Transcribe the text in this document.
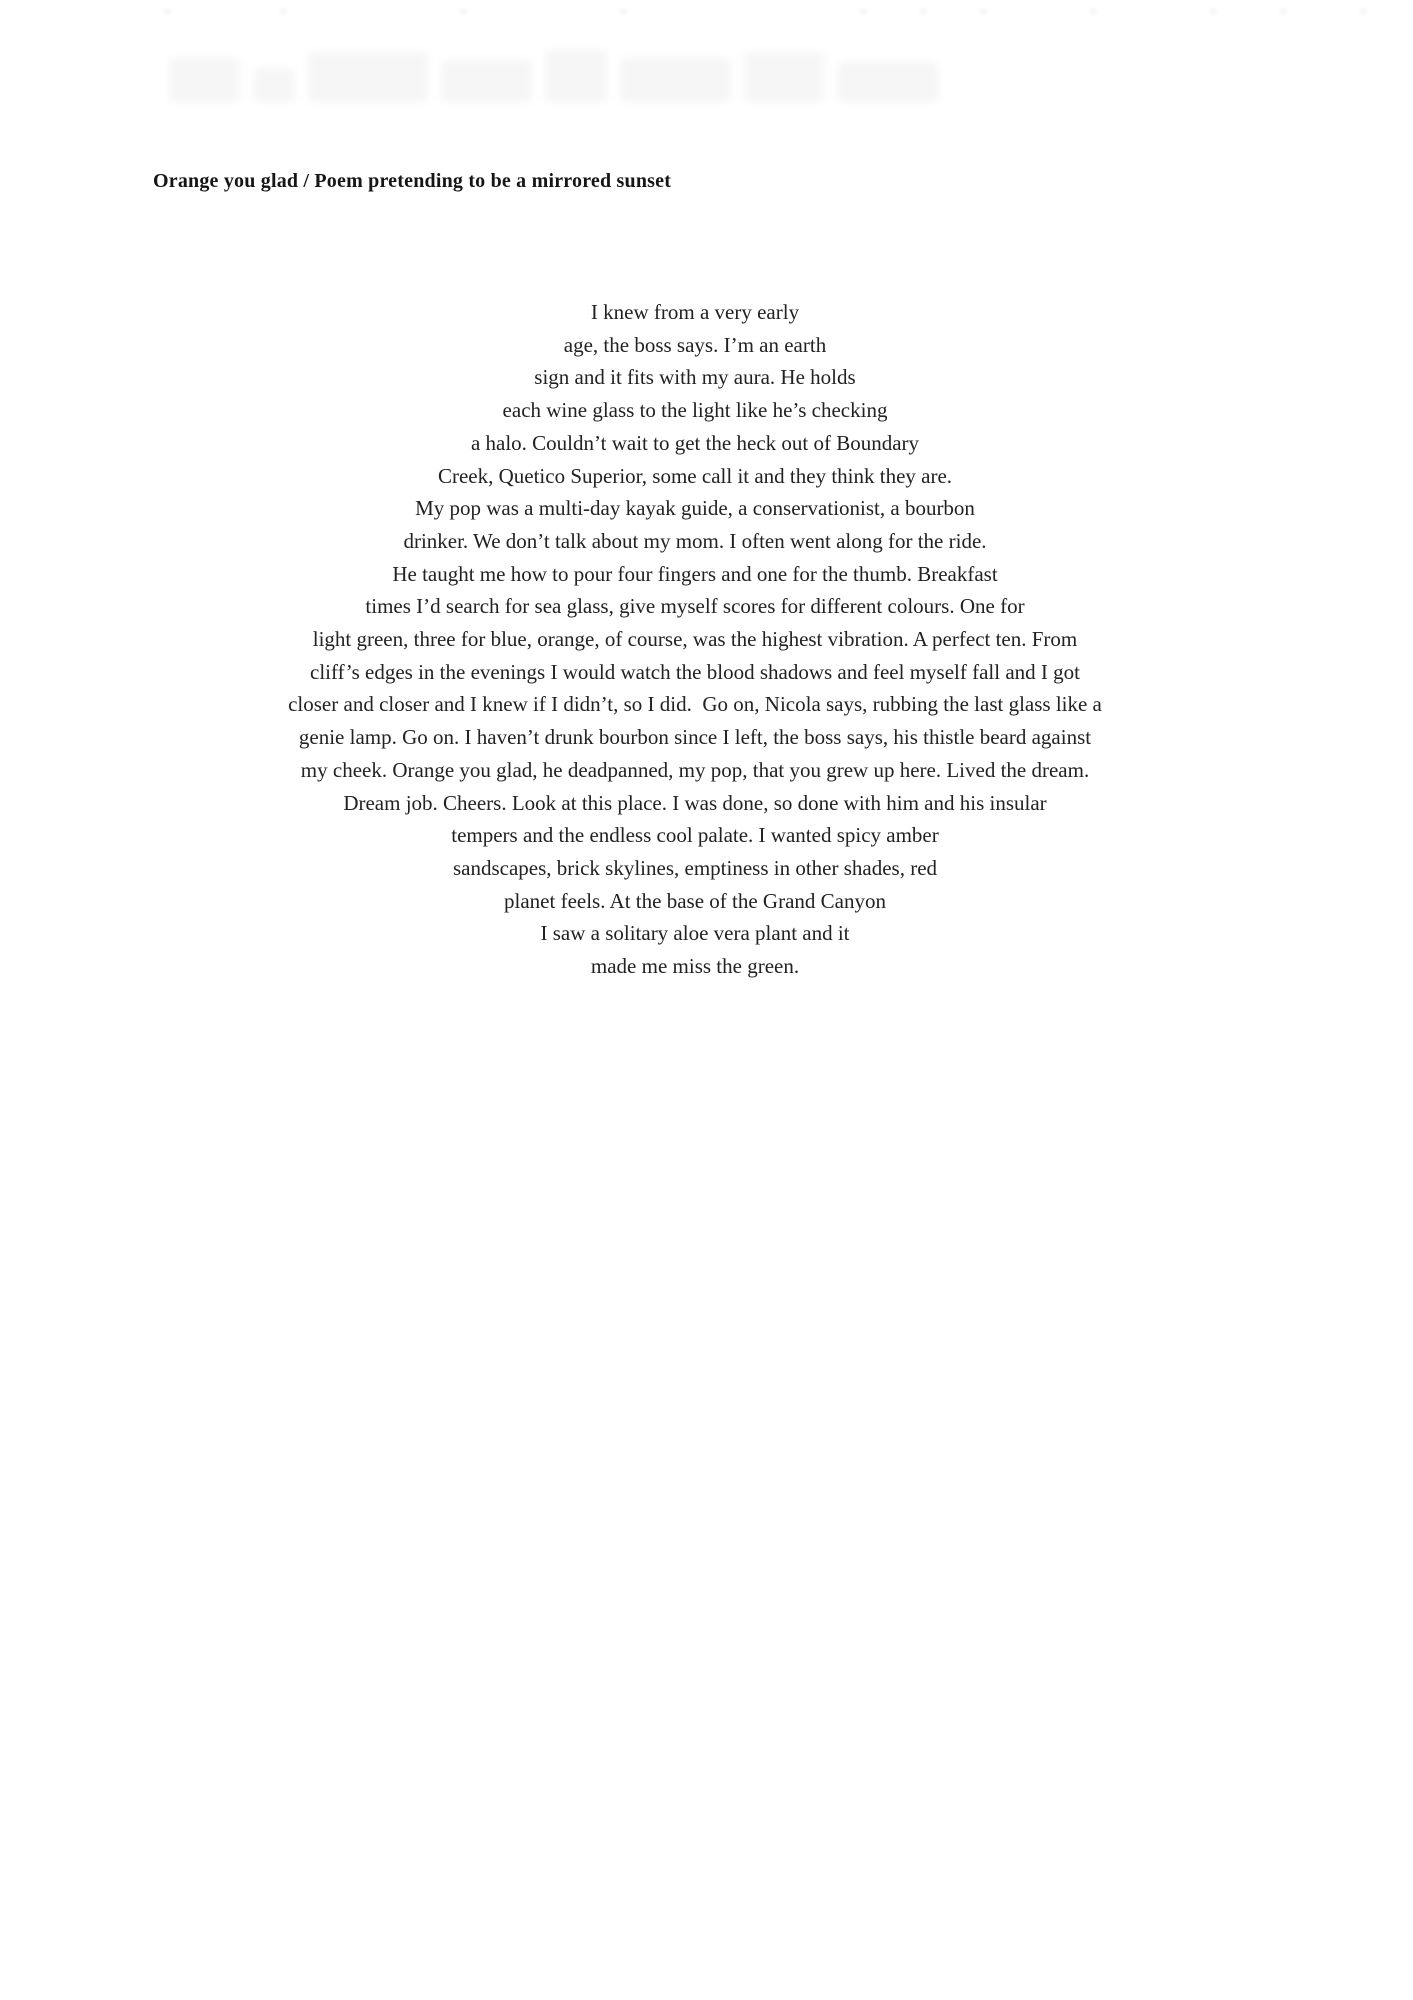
Orange you glad / Poem pretending to be a mirrored sunset
I knew from a very early
age, the boss says. I’m an earth
sign and it fits with my aura. He holds
each wine glass to the light like he’s checking
a halo. Couldn’t wait to get the heck out of Boundary
Creek, Quetico Superior, some call it and they think they are.
My pop was a multi-day kayak guide, a conservationist, a bourbon
drinker. We don’t talk about my mom. I often went along for the ride.
He taught me how to pour four fingers and one for the thumb. Breakfast
times I’d search for sea glass, give myself scores for different colours. One for
light green, three for blue, orange, of course, was the highest vibration. A perfect ten. From
cliff’s edges in the evenings I would watch the blood shadows and feel myself fall and I got
closer and closer and I knew if I didn’t, so I did.  Go on, Nicola says, rubbing the last glass like a
genie lamp. Go on. I haven’t drunk bourbon since I left, the boss says, his thistle beard against
my cheek. Orange you glad, he deadpanned, my pop, that you grew up here. Lived the dream.
Dream job. Cheers. Look at this place. I was done, so done with him and his insular
tempers and the endless cool palate. I wanted spicy amber
sandscapes, brick skylines, emptiness in other shades, red
planet feels. At the base of the Grand Canyon
I saw a solitary aloe vera plant and it
made me miss the green.
